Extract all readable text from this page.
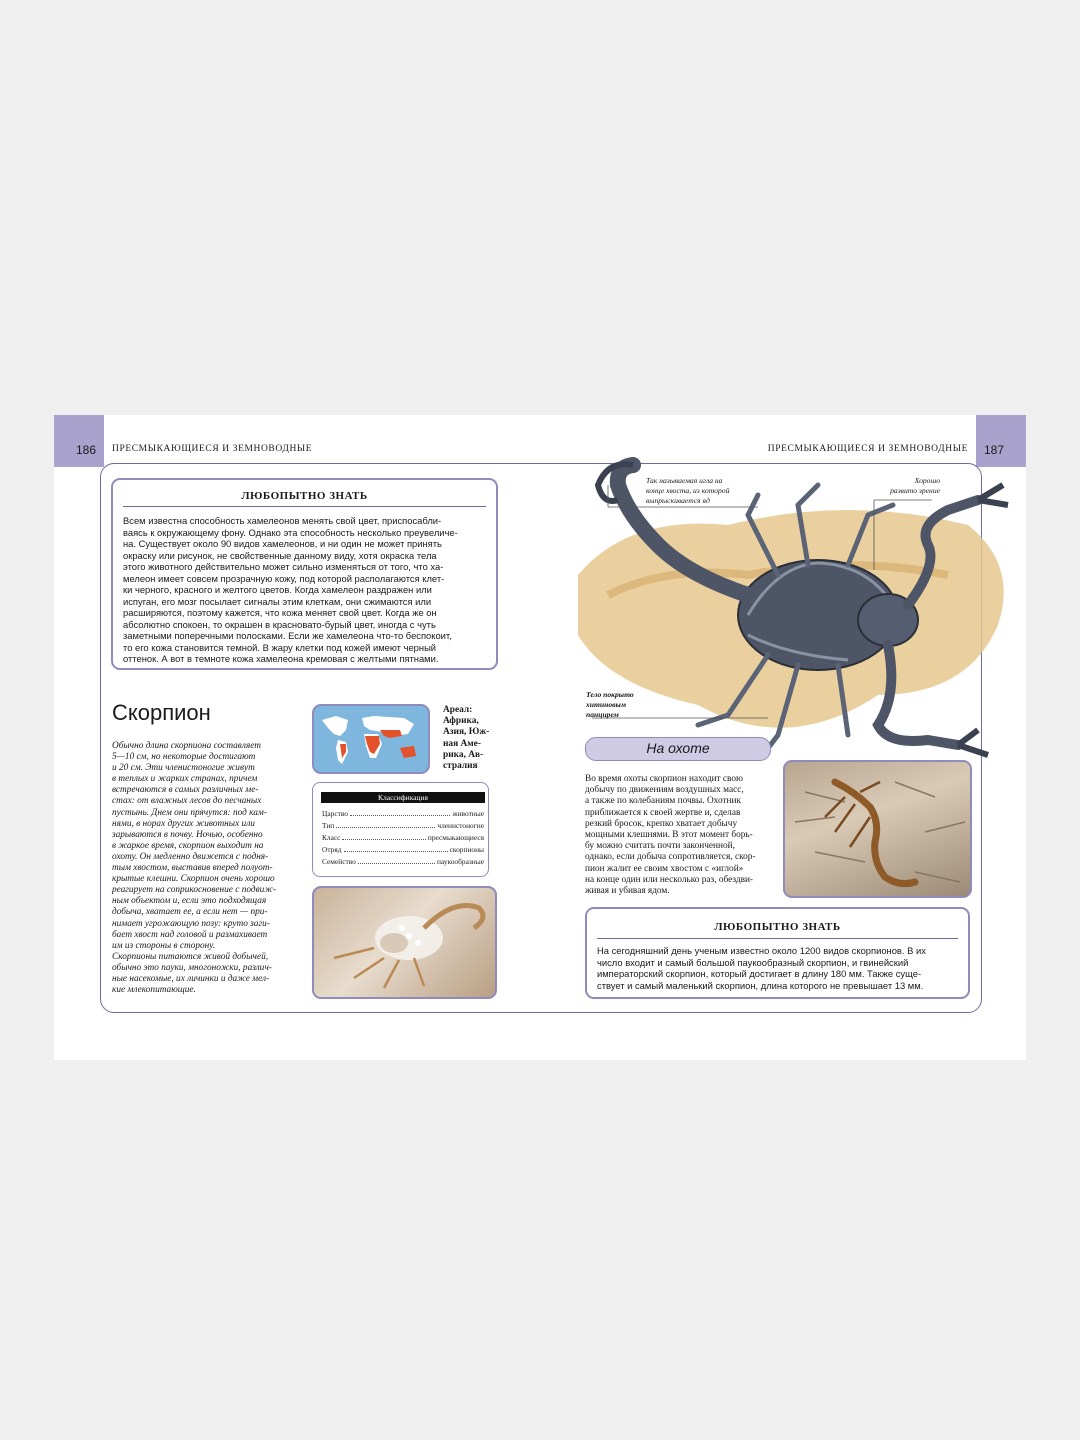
186	187
ПРЕСМЫКАЮЩИЕСЯ И ЗЕМНОВОДНЫЕ	ПРЕСМЫКАЮЩИЕСЯ И ЗЕМНОВОДНЫЕ
ЛЮБОПЫТНО ЗНАТЬ
Всем известна способность хамелеонов менять свой цвет, приспосабли-
ваясь к окружающему фону. Однако эта способность несколько преувеличе-
на. Существует около 90 видов хамелеонов, и ни один не может принять
окраску или рисунок, не свойственные данному виду, хотя окраска тела
этого животного действительно может сильно изменяться от того, что ха-
мелеон имеет совсем прозрачную кожу, под которой располагаются клет-
ки черного, красного и желтого цветов. Когда хамелеон раздражен или
испуган, его мозг посылает сигналы этим клеткам, они сжимаются или
расширяются, поэтому кажется, что кожа меняет свой цвет. Когда же он
абсолютно спокоен, то окрашен в красновато-бурый цвет, иногда с чуть
заметными поперечными полосками. Если же хамелеона что-то беспокоит,
то его кожа становится темной. В жару клетки под кожей имеют черный
оттенок. А вот в темноте кожа хамелеона кремовая с желтыми пятнами.
Скорпион
Обычно длина скорпиона составляет
5—10 см, но некоторые достигают
и 20 см. Эти членистоногие живут
в теплых и жарких странах, причем
встречаются в самых различных ме-
стах: от влажных лесов до песчаных
пустынь. Днем они прячутся: под кам-
нями, в норах других животных или
зарываются в почву. Ночью, особенно
в жаркое время, скорпион выходит на
охоту. Он медленно движется с подня-
тым хвостом, выставив вперед полуот-
крытые клешни. Скорпион очень хорошо
реагирует на соприкосновение с подвиж-
ным объектом и, если это подходящая
добыча, хватает ее, а если нет — при-
нимает угрожающую позу: круто заги-
бает хвост над головой и размахивает
им из стороны в сторону.
Скорпионы питаются живой добычей,
обычно это пауки, многоножки, различ-
ные насекомые, их личинки и даже мел-
кие млекопитающие.
Ареал:
Африка,
Азия, Юж-
ная Аме-
рика, Ав-
стралия
Классификация
Царство	животные
Тип	членистоногие
Класс	пресмыкающиеся
Отряд	скорпионы
Семейство	паукообразные
Так называемая игла на
конце хвоста, из которой
выпрыскивается яд
Хорошо
развито зрение
Тело покрыто
хитиновым
панцирем
На охоте
Во время охоты скорпион находит свою
добычу по движениям воздушных масс,
а также по колебаниям почвы. Охотник
приближается к своей жертве и, сделав
резкий бросок, крепко хватает добычу
мощными клешнями. В этот момент борь-
бу можно считать почти законченной,
однако, если добыча сопротивляется, скор-
пион жалит ее своим хвостом с «иглой»
на конце один или несколько раз, обездви-
живая и убивая ядом.
ЛЮБОПЫТНО ЗНАТЬ
На сегодняшний день ученым известно около 1200 видов скорпионов. В их
число входит и самый большой паукообразный скорпион, и гвинейский
императорский скорпион, который достигает в длину 180 мм. Также суще-
ствует и самый маленький скорпион, длина которого не превышает 13 мм.
